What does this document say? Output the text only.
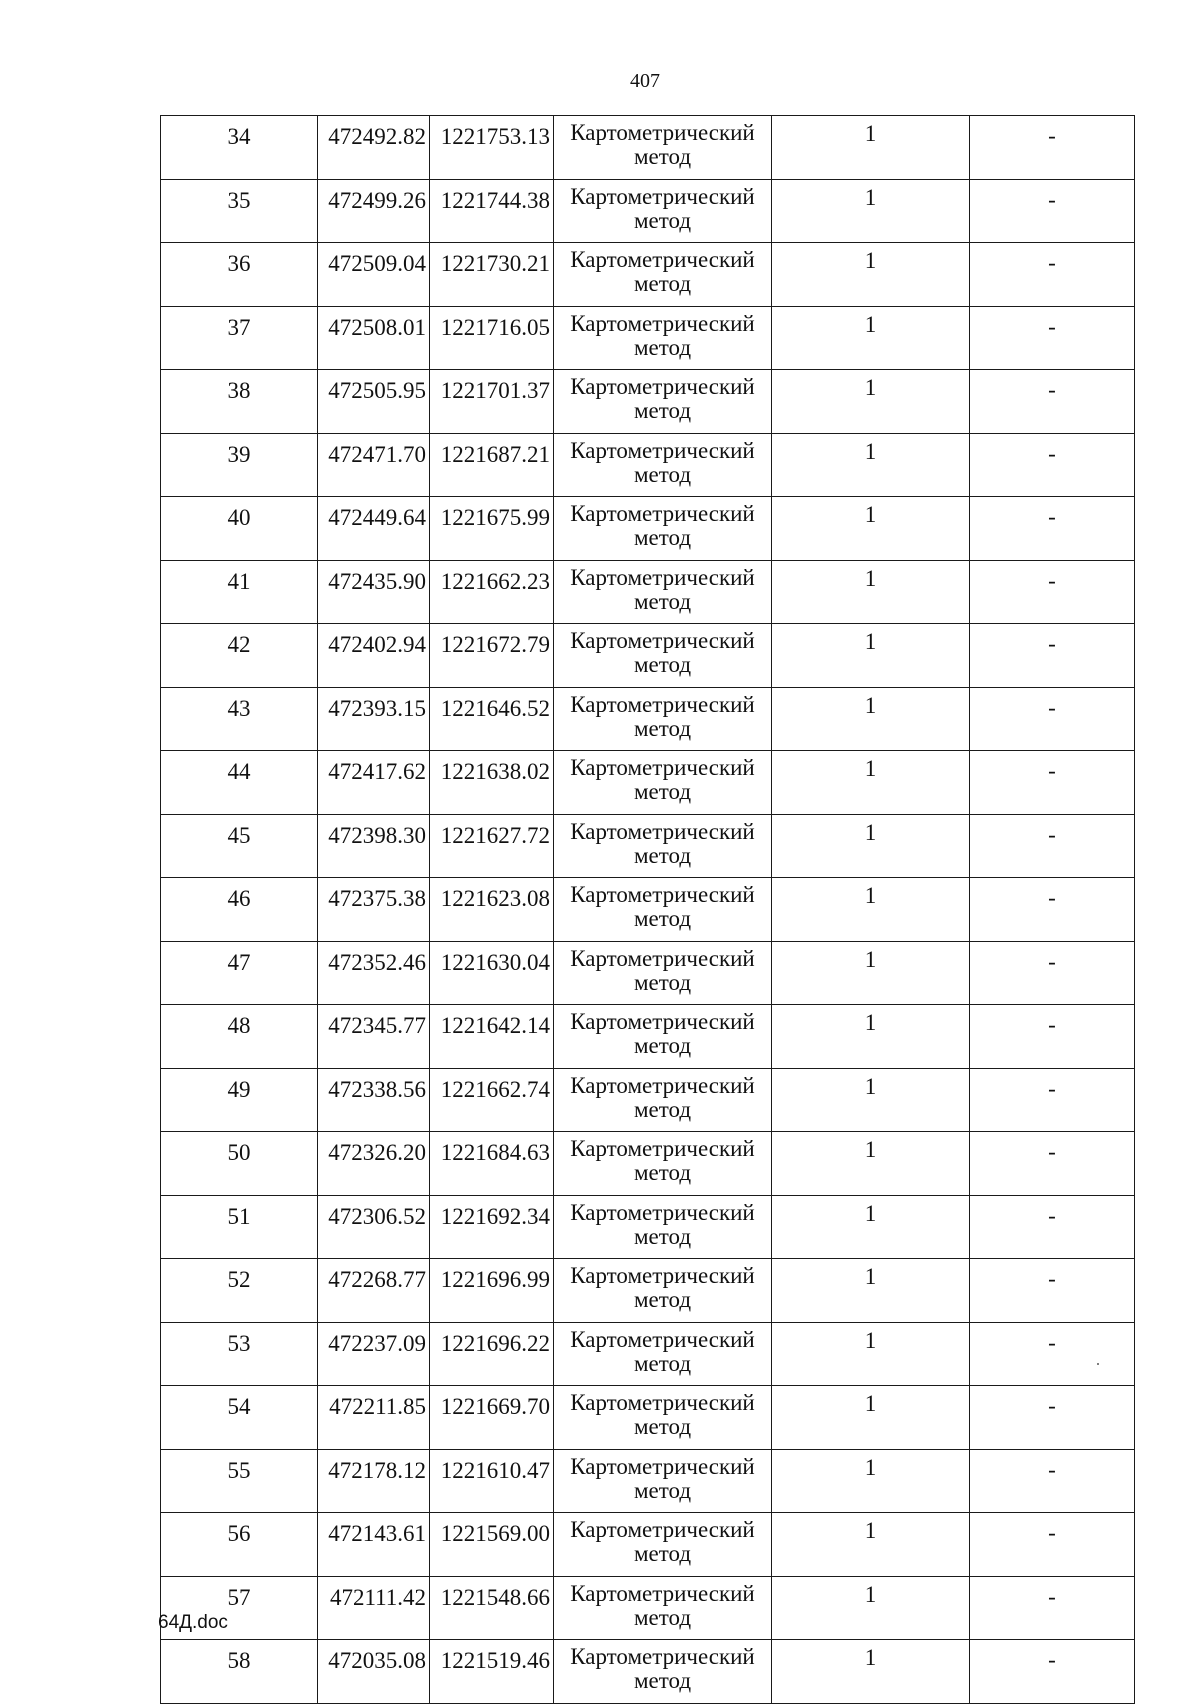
407
34	472492.82	1221753.13	Картометрический метод	1	-
35	472499.26	1221744.38	Картометрический метод	1	-
36	472509.04	1221730.21	Картометрический метод	1	-
37	472508.01	1221716.05	Картометрический метод	1	-
38	472505.95	1221701.37	Картометрический метод	1	-
39	472471.70	1221687.21	Картометрический метод	1	-
40	472449.64	1221675.99	Картометрический метод	1	-
41	472435.90	1221662.23	Картометрический метод	1	-
42	472402.94	1221672.79	Картометрический метод	1	-
43	472393.15	1221646.52	Картометрический метод	1	-
44	472417.62	1221638.02	Картометрический метод	1	-
45	472398.30	1221627.72	Картометрический метод	1	-
46	472375.38	1221623.08	Картометрический метод	1	-
47	472352.46	1221630.04	Картометрический метод	1	-
48	472345.77	1221642.14	Картометрический метод	1	-
49	472338.56	1221662.74	Картометрический метод	1	-
50	472326.20	1221684.63	Картометрический метод	1	-
51	472306.52	1221692.34	Картометрический метод	1	-
52	472268.77	1221696.99	Картометрический метод	1	-
53	472237.09	1221696.22	Картометрический метод	1	-
54	472211.85	1221669.70	Картометрический метод	1	-
55	472178.12	1221610.47	Картометрический метод	1	-
56	472143.61	1221569.00	Картометрический метод	1	-
57	472111.42	1221548.66	Картометрический метод	1	-
58	472035.08	1221519.46	Картометрический метод	1	-
64Д.doc
